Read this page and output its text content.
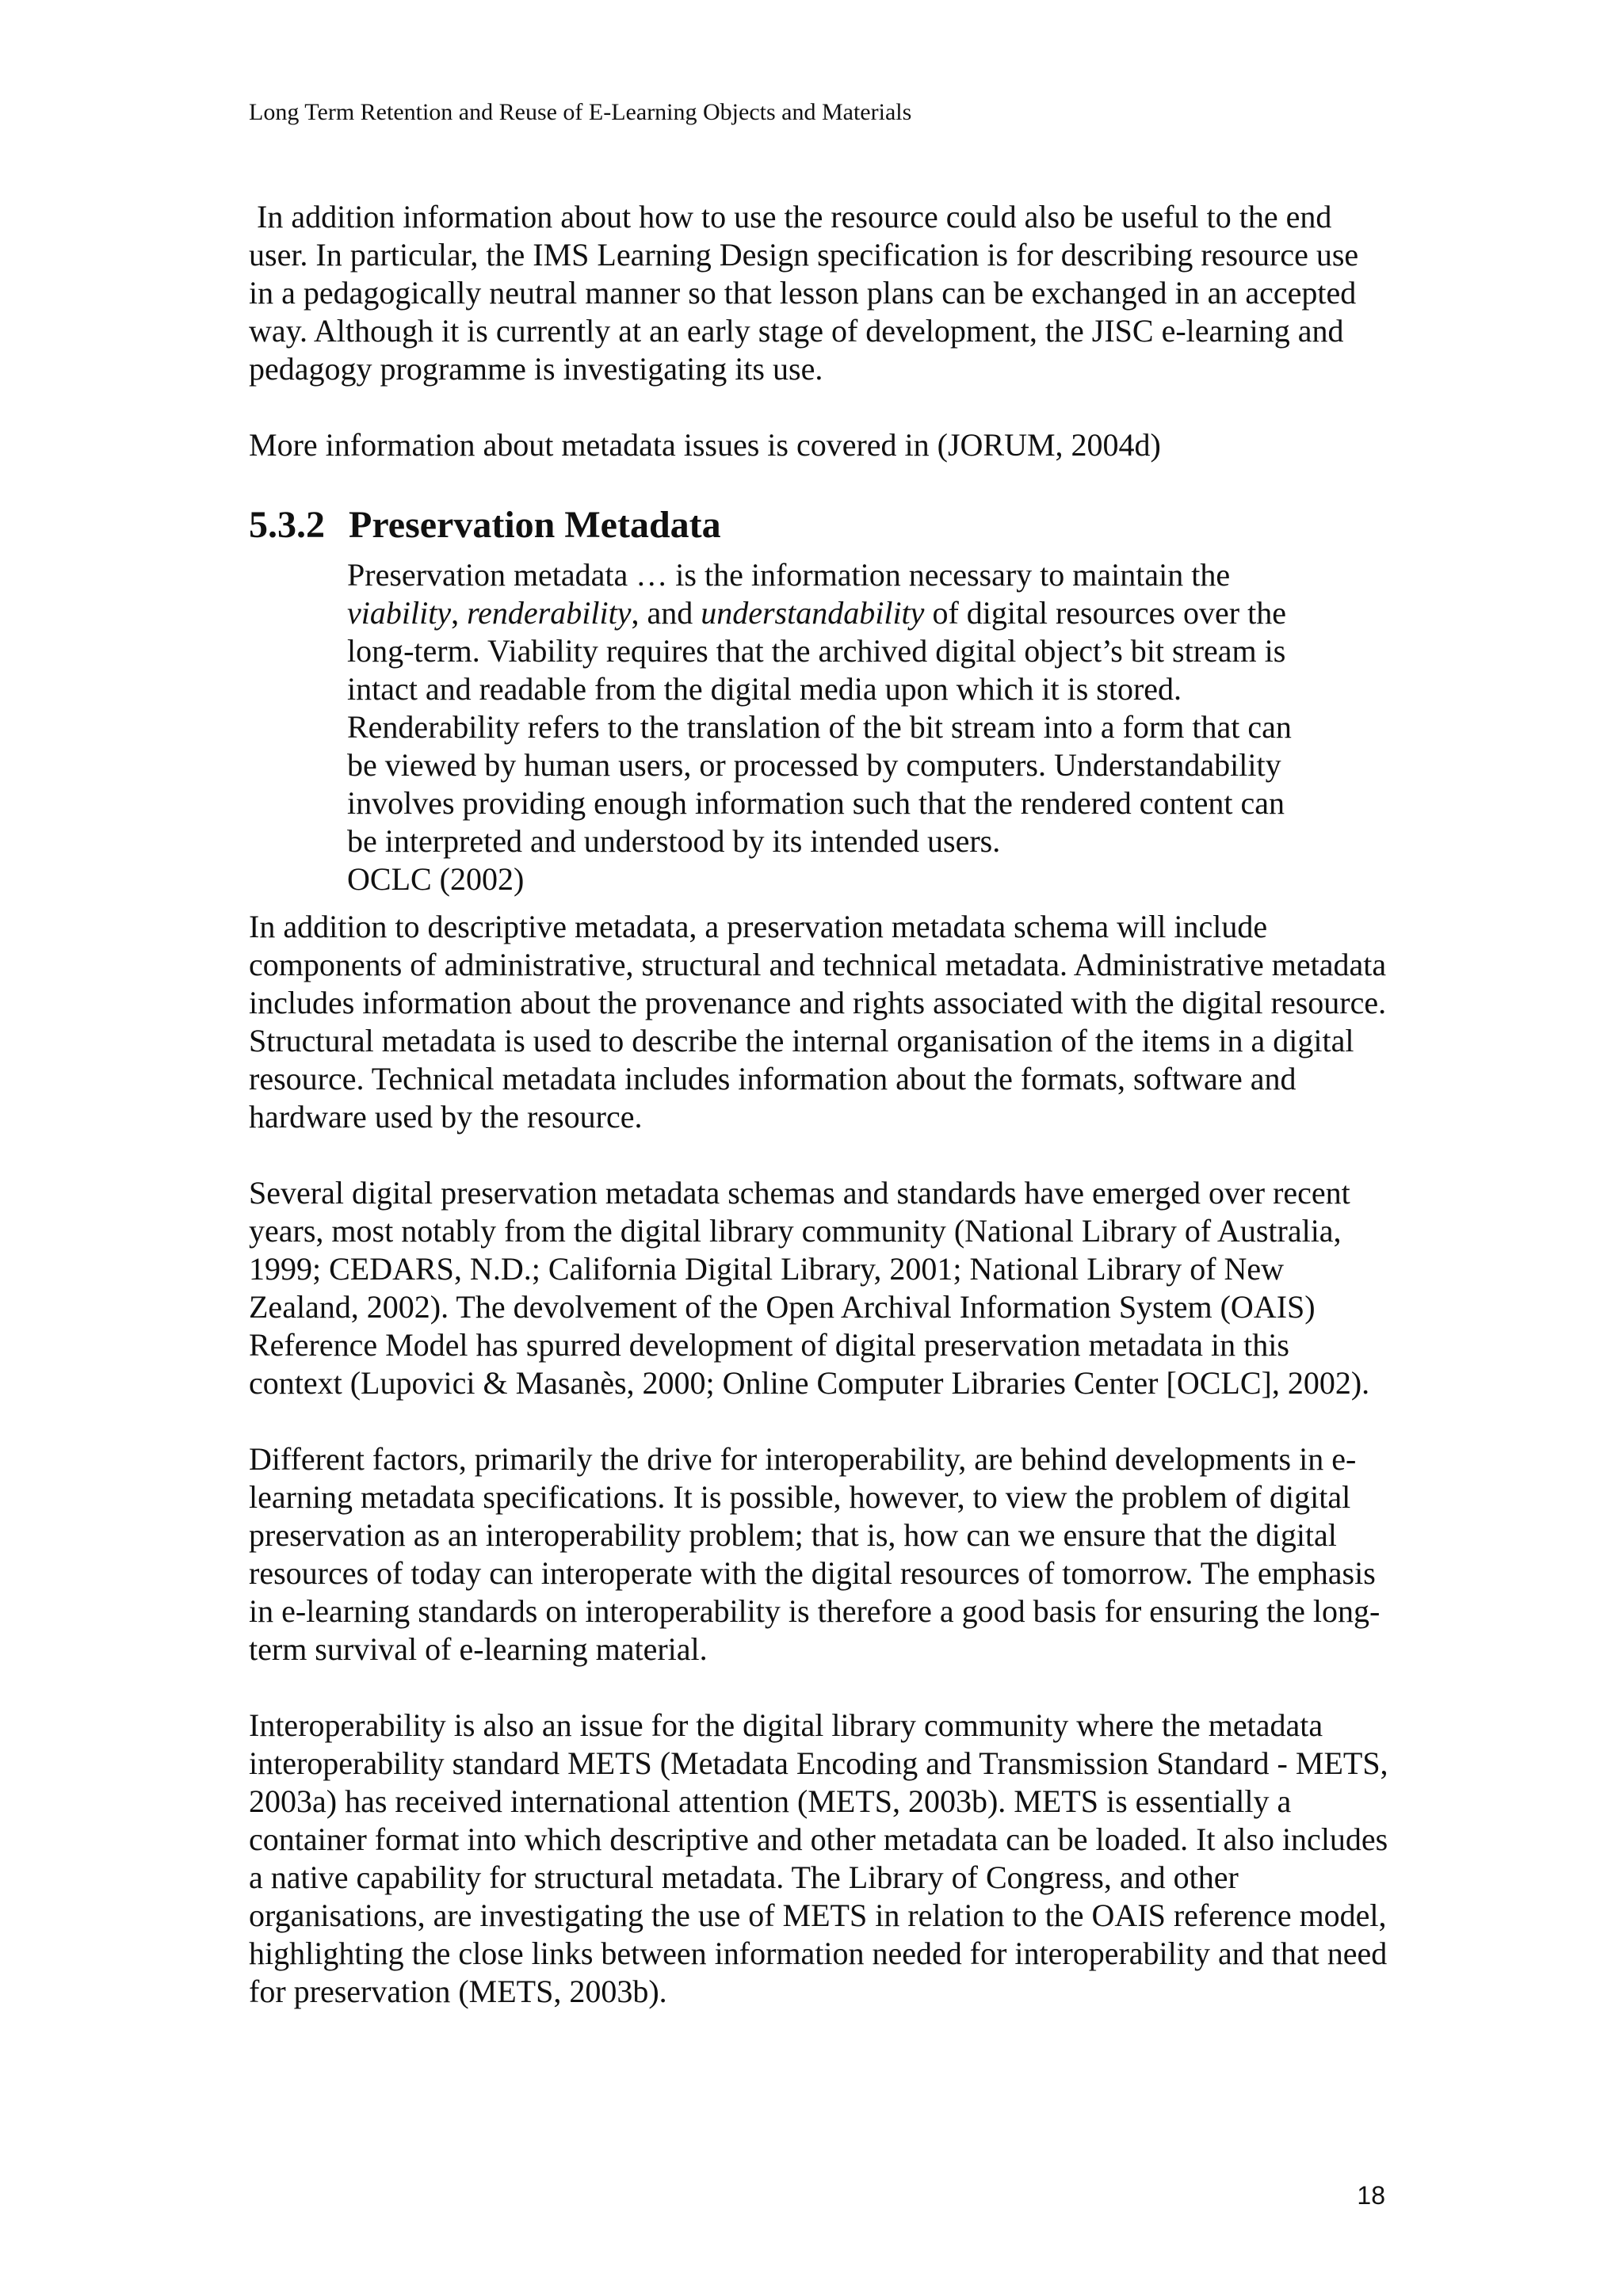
Long Term Retention and Reuse of E-Learning Objects and Materials

In addition information about how to use the resource could also be useful to the end user. In particular, the IMS Learning Design specification is for describing resource use in a pedagogically neutral manner so that lesson plans can be exchanged in an accepted way. Although it is currently at an early stage of development, the JISC e-learning and pedagogy programme is investigating its use.

More information about metadata issues is covered in (JORUM, 2004d)

5.3.2 Preservation Metadata

Preservation metadata … is the information necessary to maintain the viability, renderability, and understandability of digital resources over the long-term. Viability requires that the archived digital object’s bit stream is intact and readable from the digital media upon which it is stored. Renderability refers to the translation of the bit stream into a form that can be viewed by human users, or processed by computers. Understandability involves providing enough information such that the rendered content can be interpreted and understood by its intended users.

OCLC (2002)

In addition to descriptive metadata, a preservation metadata schema will include components of administrative, structural and technical metadata. Administrative metadata includes information about the provenance and rights associated with the digital resource. Structural metadata is used to describe the internal organisation of the items in a digital resource. Technical metadata includes information about the formats, software and hardware used by the resource.

Several digital preservation metadata schemas and standards have emerged over recent years, most notably from the digital library community (National Library of Australia, 1999; CEDARS, N.D.; California Digital Library, 2001; National Library of New Zealand, 2002). The devolvement of the Open Archival Information System (OAIS) Reference Model has spurred development of digital preservation metadata in this context (Lupovici & Masanès, 2000; Online Computer Libraries Center [OCLC], 2002).

Different factors, primarily the drive for interoperability, are behind developments in e-learning metadata specifications. It is possible, however, to view the problem of digital preservation as an interoperability problem; that is, how can we ensure that the digital resources of today can interoperate with the digital resources of tomorrow. The emphasis in e-learning standards on interoperability is therefore a good basis for ensuring the long-term survival of e-learning material.

Interoperability is also an issue for the digital library community where the metadata interoperability standard METS (Metadata Encoding and Transmission Standard - METS, 2003a) has received international attention (METS, 2003b). METS is essentially a container format into which descriptive and other metadata can be loaded. It also includes a native capability for structural metadata. The Library of Congress, and other organisations, are investigating the use of METS in relation to the OAIS reference model, highlighting the close links between information needed for interoperability and that need for preservation (METS, 2003b).

18
